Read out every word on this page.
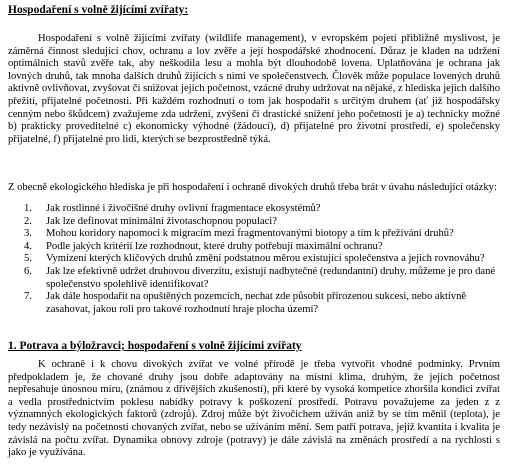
Hospodaření s volně žijícími zvířaty:

Hospodaření s volně žijícími zvířaty (wildlife management), v evropském pojetí přibližně myslivost, je záměrná činnost sledující chov, ochranu a lov zvěře a její hospodářské zhodnocení. Důraz je kladen na udržení optimálních stavů zvěře tak, aby neškodila lesu a mohla být dlouhodobě lovena. Uplatňována je ochrana jak lovných druhů, tak mnoha dalších druhů žijících s nimi ve společenstvech. Člověk může populace lovených druhů aktivně ovlivňovat, zvyšovat či snižovat jejich početnost, vzácné druhy udržovat na nějaké, z hlediska jejich dalšího přežití, přijatelné početnosti. Při každém rozhodnutí o tom jak hospodařit s určitým druhem (ať již hospodářsky cenným nebo škůdcem) zvažujeme zda udržení, zvýšení či drastické snížení jeho početnosti je a) technicky možné b) prakticky proveditelné c) ekonomicky výhodné (žádoucí), d) přijatelné pro životní prostředí, e) společensky přijatelné, f) přijatelné pro lidi, kterých se bezprostředně týká.

Z obecně ekologického hlediska je při hospodaření i ochraně divokých druhů třeba brát v úvahu následující otázky:

1. Jak rostlinné i živočišné druhy ovlivní fragmentace ekosystémů?
2. Jak lze definovat minimální životaschopnou populaci?
3. Mohou koridory napomoci k migracím mezi fragmentovanými biotopy a tím k přežívání druhů?
4. Podle jakých kritérií lze rozhodnout, které druhy potřebují maximální ochranu?
5. Vymizení kterých klíčových druhů změní podstatnou měrou existující společenstva a jejich rovnováhu?
6. Jak lze efektivně udržet druhovou diverzitu, existují nadbytečné (redundantní) druhy, můžeme je pro dané společenstvo spolehlivě identifikovat?
7. Jak dále hospodařit na opuštěných pozemcích, nechat zde působit přirozenou sukcesi, nebo aktivně zasahovat, jakou roli pro takové rozhodnutí hraje plocha území?

1. Potrava a býložravci; hospodaření s volně žijícími zvířaty

K ochraně i k chovu divokých zvířat ve volné přírodě je třeba vytvořit vhodné podmínky. Prvním předpokladem je, že chované druhy jsou dobře adaptovány na místní klima, druhým, že jejich početnost nepřesahuje únosnou míru, (známou z dřívějších zkušeností), při které by vysoká kompetice zhoršila kondici zvířat a vedla prostřednictvím poklesu nabídky potravy k poškození prostředí. Potravu považujeme za jeden z z významných ekologických faktorů (zdrojů). Zdroj může být živočichem užíván aniž by se tím měnil (teplota), je tedy nezávislý na početnosti chovaných zvířat, nebo se užíváním mění. Sem patří potrava, jejíž kvantita i kvalita je závislá na počtu zvířat. Dynamika obnovy zdroje (potravy) je dále závislá na změnách prostředí a na rychlosti s jako je využívána.
